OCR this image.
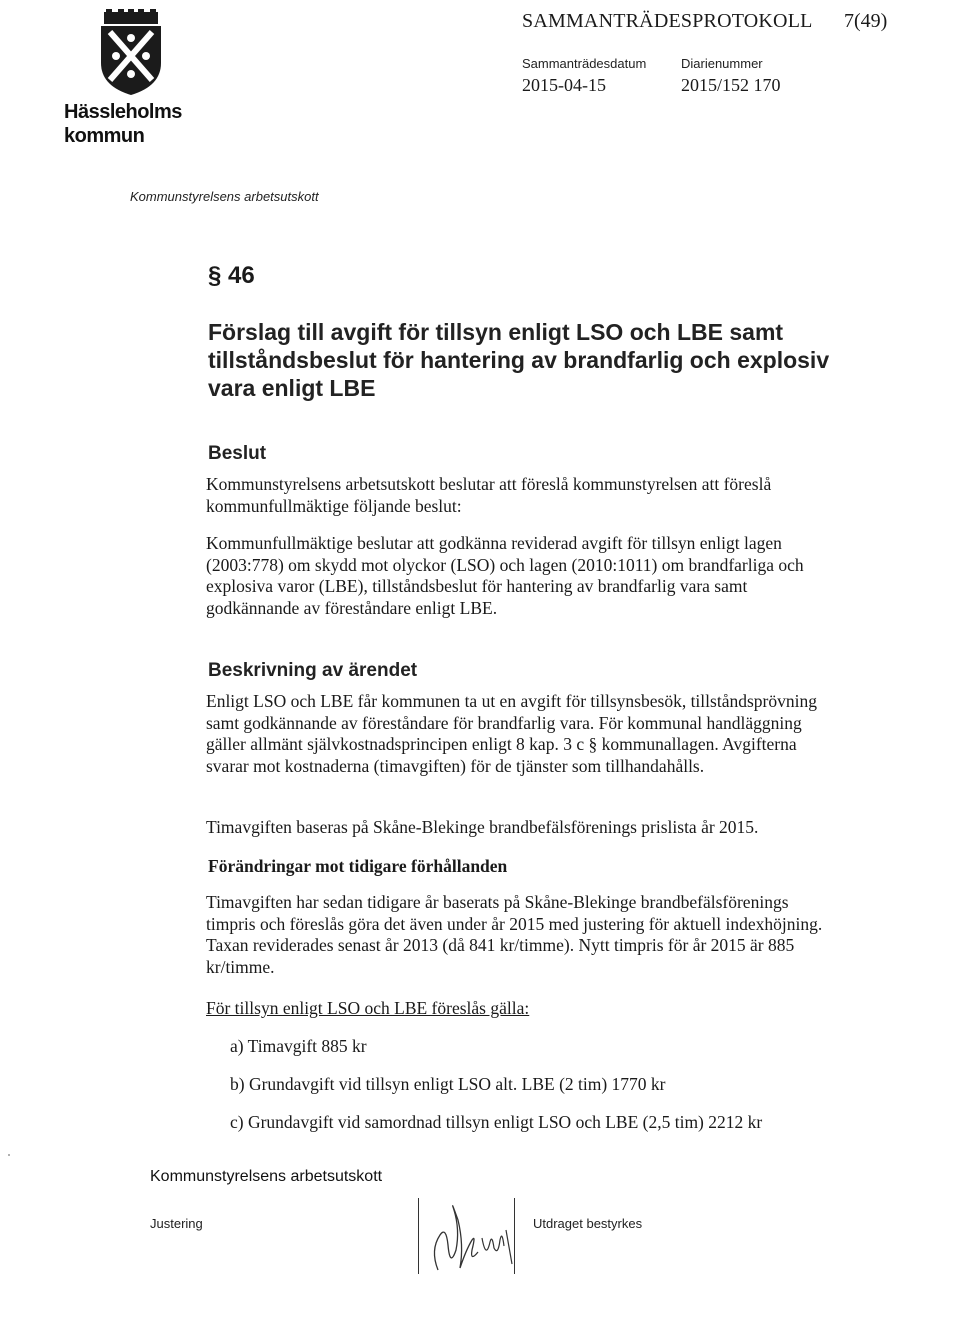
Hässleholms
kommun
SAMMANTRÄDESPROTOKOLL 7(49)
Sammanträdesdatum
2015-04-15
Diarienummer
2015/152 170
Kommunstyrelsens arbetsutskott
§ 46
Förslag till avgift för tillsyn enligt LSO och LBE samt tillståndsbeslut för hantering av brandfarlig och explosiv vara enligt LBE
Beslut

Kommunstyrelsens arbetsutskott beslutar att föreslå kommunstyrelsen att föreslå kommunfullmäktige följande beslut:

Kommunfullmäktige beslutar att godkänna reviderad avgift för tillsyn enligt lagen (2003:778) om skydd mot olyckor (LSO) och lagen (2010:1011) om brandfarliga och explosiva varor (LBE), tillståndsbeslut för hantering av brandfarlig vara samt godkännande av föreståndare enligt LBE.

Beskrivning av ärendet

Enligt LSO och LBE får kommunen ta ut en avgift för tillsynsbesök, tillståndsprövning samt godkännande av föreståndare för brandfarlig vara. För kommunal handläggning gäller allmänt självkostnadsprincipen enligt 8 kap. 3 c § kommunallagen. Avgifterna svarar mot kostnaderna (timavgiften) för de tjänster som tillhandahålls.

Timavgiften baseras på Skåne-Blekinge brandbefälsförenings prislista år 2015.

Förändringar mot tidigare förhållanden

Timavgiften har sedan tidigare år baserats på Skåne-Blekinge brandbefälsförenings timpris och föreslås göra det även under år 2015 med justering för aktuell indexhöjning. Taxan reviderades senast år 2013 (då 841 kr/timme). Nytt timpris för år 2015 är 885 kr/timme.

För tillsyn enligt LSO och LBE föreslås gälla:
a) Timavgift 885 kr
b) Grundavgift vid tillsyn enligt LSO alt. LBE (2 tim) 1770 kr
c) Grundavgift vid samordnad tillsyn enligt LSO och LBE (2,5 tim) 2212 kr
Kommunstyrelsens arbetsutskott
Justering	Utdraget bestyrkes
